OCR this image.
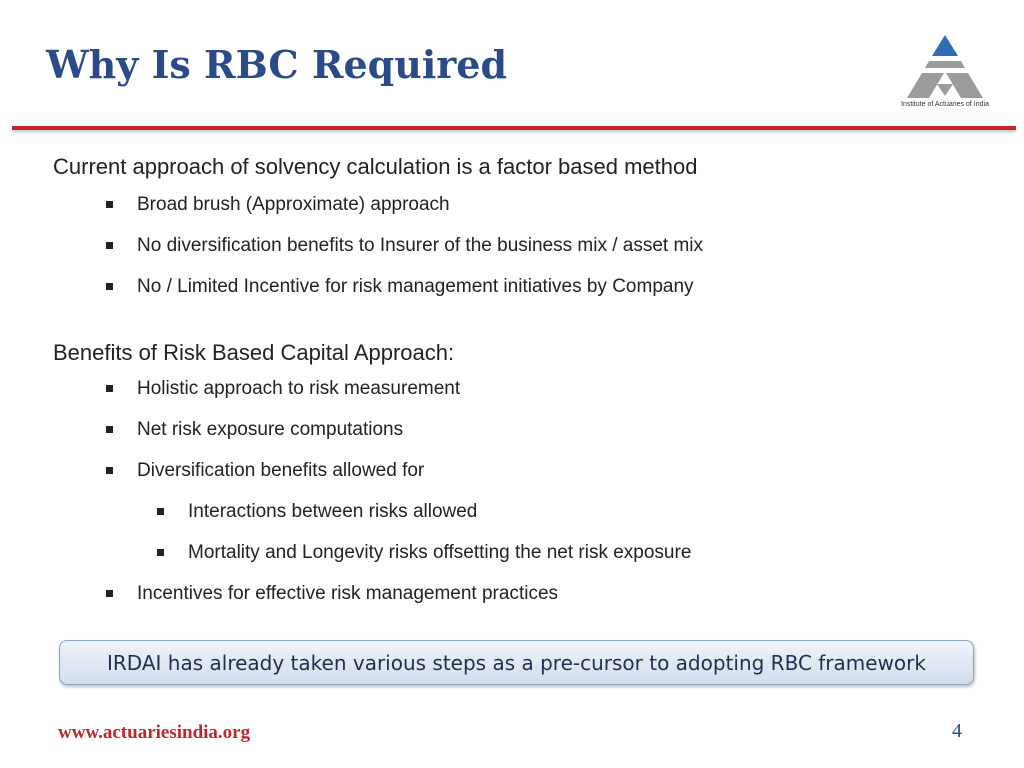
Why Is RBC Required
Institute of Actuaries of India
Current approach of solvency calculation is a factor based method
Broad brush (Approximate) approach
No diversification benefits to Insurer of the business mix / asset mix
No / Limited Incentive for risk management initiatives by Company
Benefits of Risk Based Capital Approach:
Holistic approach to risk measurement
Net risk exposure computations
Diversification benefits allowed for
Interactions between risks allowed
Mortality and Longevity risks offsetting the net risk exposure
Incentives for effective risk management practices
IRDAI has already taken various steps as a pre-cursor to adopting RBC framework
www.actuariesindia.org	4
